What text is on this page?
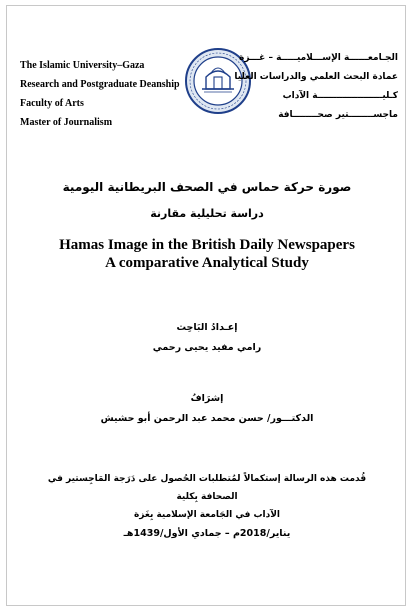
The Islamic University–Gaza
Research and Postgraduate Deanship
Faculty of Arts
Master of Journalism
الجـامعــــــة الإســـلاميـــــة – غـــزة
عمادة البحث العلمي والدراسات العليا
كـليـــــــــــــــــــــة الآداب
ماجســــــــتير صحــــــــافة
صورة حركة حماس في الصحف البريطانية اليومية
دراسة تحليلية مقارنة
Hamas Image in the British Daily Newspapers
A comparative Analytical Study
إعـدادُ البَاحِث
رامي مفيد يحيى رحمي
إشرَافُ
الدكتـــور/ حسن محمد عبد الرحمن أبو حشيش
قُدمت هذه الرسالة إستكمالاً لمُتطلبات الحُصول على دَرَجة المَاجِستير في الصحافة بِكلية
الآداب في الجَامعة الإسلامية بِغَزة
يناير/2018م – جمادي الأول/1439هـ
